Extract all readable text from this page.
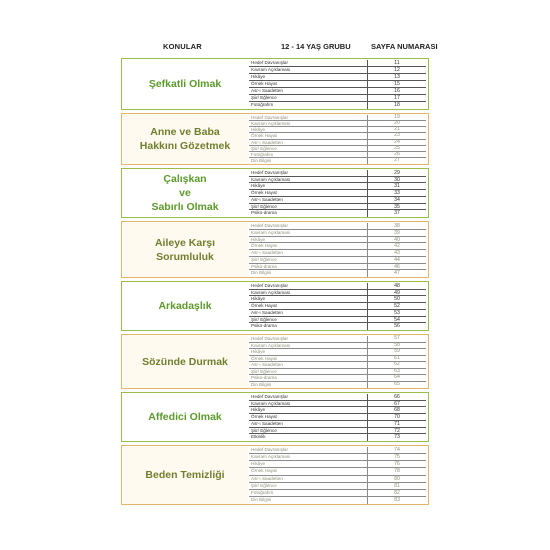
KONULAR	12 - 14 YAŞ GRUBU	SAYFA NUMARASI
Şefkatli Olmak
Hedef Davranışlar	11
Kavram Açıklaması	12
Hikâye	13
Örnek Hayat	15
Asr-ı Saadetten	16
Şiir/ Eğlence	17
Fotoğrafım	18
Anne ve Baba
Hakkını Gözetmek
Hedef Davranışlar	19
Kavram Açıklaması	20
Hikâye	21
Örnek Hayat	23
Asr-ı Saadetten	24
Şiir/ Eğlence	25
Fotoğrafım	26
Din Bilgisi	27
Çalışkan
ve
Sabırlı Olmak
Hedef Davranışlar	29
Kavram Açıklaması	30
Hikâye	31
Örnek Hayat	33
Asr-ı Saadetten	34
Şiir/ Eğlence	35
Psiko-drama	37
Aileye Karşı
Sorumluluk
Hedef Davranışlar	38
Kavram Açıklaması	39
Hikâye	40
Örnek Hayat	42
Asr-ı Saadetten	43
Şiir/ Eğlence	44
Psiko-drama	46
Din Bilgisi	47
Arkadaşlık
Hedef Davranışlar	48
Kavram Açıklaması	49
Hikâye	50
Örnek Hayat	52
Asr-ı Saadetten	53
Şiir/ Eğlence	54
Psiko-drama	56
Sözünde Durmak
Hedef Davranışlar	57
Kavram Açıklaması	58
Hikâye	59
Örnek Hayat	61
Asr-ı Saadetten	62
Şiir/ Eğlence	63
Psiko-drama	64
Din Bilgisi	65
Affedici Olmak
Hedef Davranışlar	66
Kavram Açıklaması	67
Hikâye	68
Örnek Hayat	70
Asr-ı Saadetten	71
Şiir/ Eğlence	72
Etkinlik	73
Beden Temizliği
Hedef Davranışlar	74
Kavram Açıklaması	75
Hikâye	76
Örnek Hayat	78
Asr-ı Saadetten	80
Şiir/ Eğlence	81
Fotoğrafım	82
Din Bilgisi	83
